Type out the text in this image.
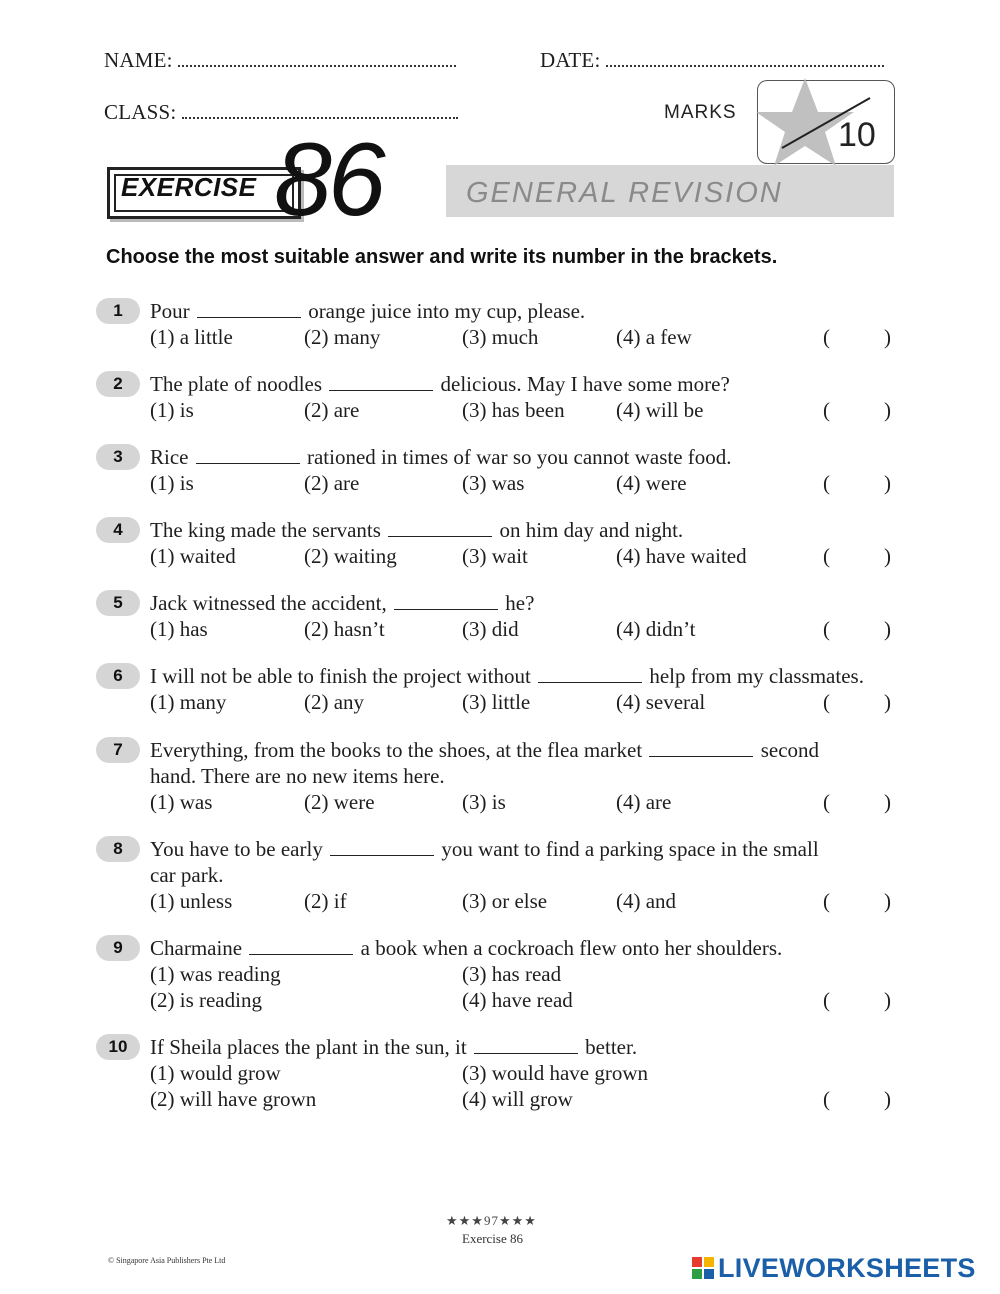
NAME:	DATE:
CLASS:	MARKS
10
EXERCISE 86	GENERAL REVISION
Choose the most suitable answer and write its number in the brackets.
1	Pour	orange juice into my cup, please.
(1) a little	(2) many	(3) much	(4) a few	(	)
2	The plate of noodles	delicious. May I have some more?
(1) is	(2) are	(3) has been (4) will be	(	)
3	Rice	rationed in times of war so you cannot waste food.
(1) is	(2) are	(3) was	(4) were	(	)
4	The king made the servants	on him day and night.
(1) waited	(2) waiting	(3) wait	(4) have waited	(	)
5	Jack witnessed the accident,	he?
(1) has	(2) hasn’t	(3) did	(4) didn’t	(	)
6	I will not be able to finish the project without	help from my classmates.
(1) many	(2) any	(3) little	(4) several	(	)
7	Everything, from the books to the shoes, at the flea market	second
hand. There are no new items here.
(1) was	(2) were	(3) is	(4) are	(	)
8	You have to be early	you want to find a parking space in the small
car park.
(1) unless	(2) if	(3) or else	(4) and	(	)
9	Charmaine	a book when a cockroach flew onto her shoulders.
(1) was reading	(3) has read
(2) is reading	(4) have read	(	)
10	If Sheila places the plant in the sun, it	better.
(1) would grow	(3) would have grown
(2) will have grown	(4) will grow	(	)
★★★97★★★
Exercise 86
© Singapore Asia Publishers Pte Ltd	LIVEWORKSHEETS
